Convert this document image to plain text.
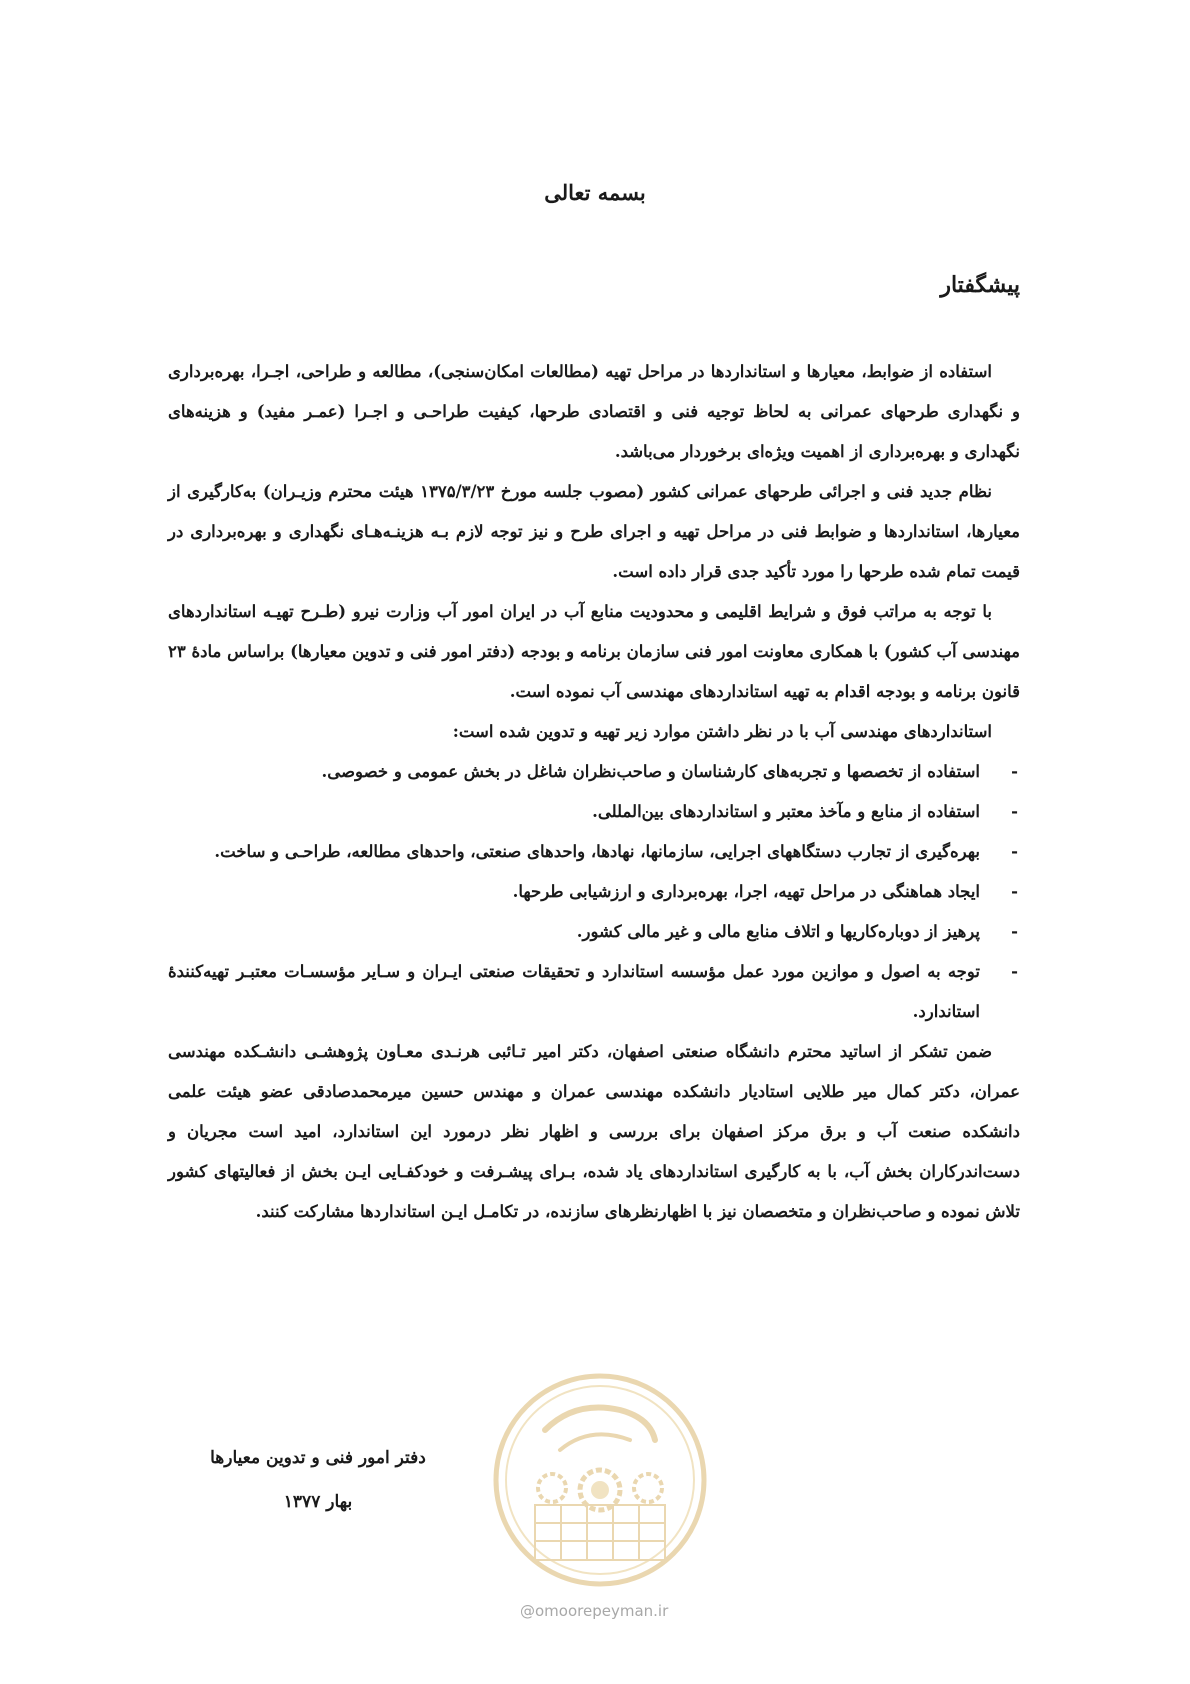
بسمه تعالی
پیشگفتار

استفاده از ضوابط، معیارها و استانداردها در مراحل تهیه (مطالعات امکان‌سنجی)، مطالعه و طراحی، اجـرا، بهره‌برداری و نگهداری طرحهای عمرانی به لحاظ توجیه فنی و اقتصادی طرحها، کیفیت طراحـی و اجـرا (عمـر مفید) و هزینه‌های نگهداری و بهره‌برداری از اهمیت ویژه‌ای برخوردار می‌باشد.

نظام جدید فنی و اجرائی طرحهای عمرانی کشور (مصوب جلسه مورخ ۱۳۷۵/۳/۲۳ هیئت محترم وزیـران) به‌کارگیری از معیارها، استانداردها و ضوابط فنی در مراحل تهیه و اجرای طرح و نیز توجه لازم بـه هزینـه‌هـای نگهداری و بهره‌برداری در قیمت تمام شده طرحها را مورد تأکید جدی قرار داده است.

با توجه به مراتب فوق و شرایط اقلیمی و محدودیت منابع آب در ایران امور آب وزارت نیرو (طـرح تهیـه استانداردهای مهندسی آب کشور) با همکاری معاونت امور فنی سازمان برنامه و بودجه (دفتر امور فنی و تدوین معیارها) براساس مادهٔ ۲۳ قانون برنامه و بودجه اقدام به تهیه استانداردهای مهندسی آب نموده است.

استانداردهای مهندسی آب با در نظر داشتن موارد زیر تهیه و تدوین شده است:

-
استفاده از تخصصها و تجربه‌های کارشناسان و صاحب‌نظران شاغل در بخش عمومی و خصوصی.
-
استفاده از منابع و مآخذ معتبر و استانداردهای بین‌المللی.
-
بهره‌گیری از تجارب دستگاههای اجرایی، سازمانها، نهادها، واحدهای صنعتی، واحدهای مطالعه، طراحـی و ساخت.
-
ایجاد هماهنگی در مراحل تهیه، اجرا، بهره‌برداری و ارزشیابی طرحها.
-
پرهیز از دوباره‌کاریها و اتلاف منابع مالی و غیر مالی کشور.
-
توجه به اصول و موازین مورد عمل مؤسسه استاندارد و تحقیقات صنعتی ایـران و سـایر مؤسسـات معتبـر تهیه‌کنندهٔ استاندارد.

ضمن تشکر از اساتید محترم دانشگاه صنعتی اصفهان، دکتر امیر تـائبی هرنـدی معـاون پژوهشـی دانشـکده مهندسی عمران، دکتر کمال میر طلایی استادیار دانشکده مهندسی عمران و مهندس حسین میرمحمدصادقی عضو هیئت علمی دانشکده صنعت آب و برق مرکز اصفهان برای بررسی و اظهار نظر درمورد این استاندارد، امید است مجریان و دست‌اندرکاران بخش آب، با به کارگیری استانداردهای یاد شده، بـرای پیشـرفت و خودکفـایی ایـن بخش از فعالیتهای کشور تلاش نموده و صاحب‌نظران و متخصصان نیز با اظهارنظرهای سازنده، در تکامـل ایـن استانداردها مشارکت کنند.

دفتر امور فنی و تدوین معیارها
بهار ۱۳۷۷
@omoorepeyman.ir
